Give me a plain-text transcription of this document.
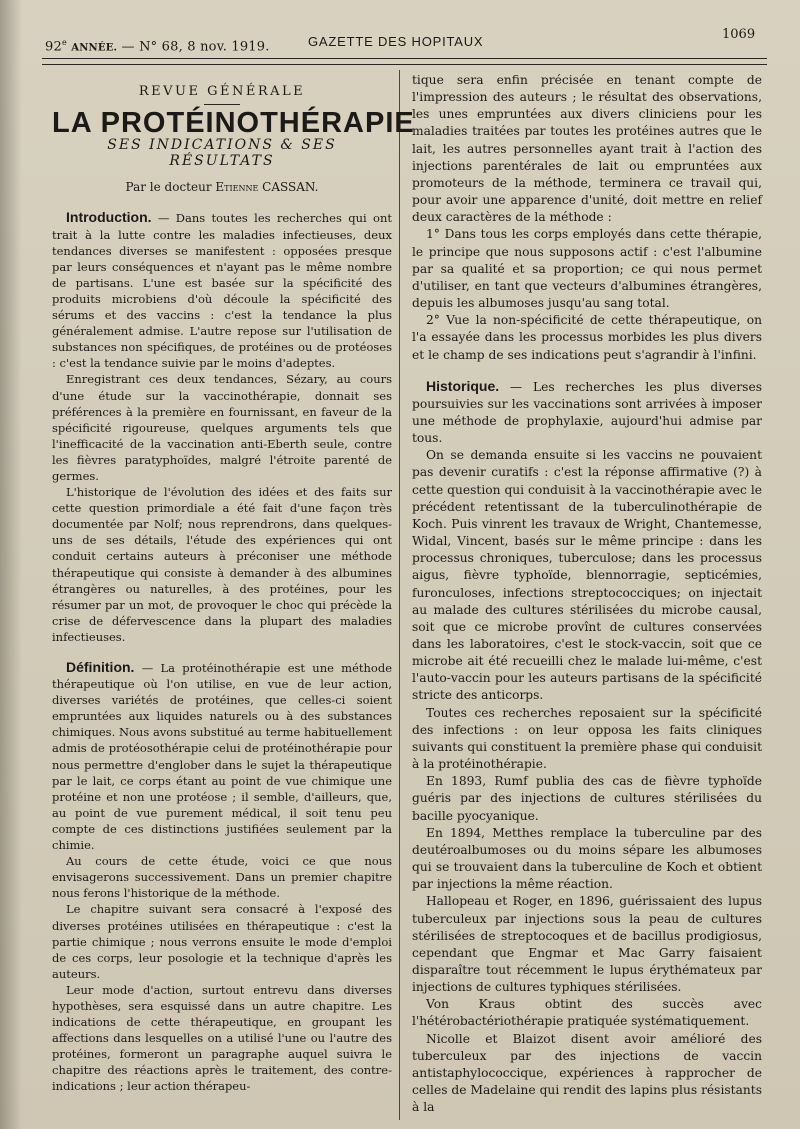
92e ANNÉE. — N° 68, 8 nov. 1919.	GAZETTE DES HOPITAUX	1069
REVUE GÉNÉRALE
LA PROTÉINOTHÉRAPIE
SES INDICATIONS & SES RÉSULTATS
Par le docteur Etienne CASSAN.

Introduction. — Dans toutes les recherches qui ont trait à la lutte contre les maladies infectieuses, deux tendances diverses se manifestent : opposées presque par leurs conséquences et n'ayant pas le même nombre de partisans. L'une est basée sur la spécificité des produits microbiens d'où découle la spécificité des sérums et des vaccins : c'est la tendance la plus généralement admise. L'autre repose sur l'utilisation de substances non spécifiques, de protéines ou de protéoses : c'est la tendance suivie par le moins d'adeptes.

Enregistrant ces deux tendances, Sézary, au cours d'une étude sur la vaccinothérapie, donnait ses préférences à la première en fournissant, en faveur de la spécificité rigoureuse, quelques arguments tels que l'inefficacité de la vaccination anti-Eberth seule, contre les fièvres paratyphoïdes, malgré l'étroite parenté de germes.

L'historique de l'évolution des idées et des faits sur cette question primordiale a été fait d'une façon très documentée par Nolf; nous reprendrons, dans quelques-uns de ses détails, l'étude des expériences qui ont conduit certains auteurs à préconiser une méthode thérapeutique qui consiste à demander à des albumines étrangères ou naturelles, à des protéines, pour les résumer par un mot, de provoquer le choc qui précède la crise de défervescence dans la plupart des maladies infectieuses.

Définition. — La protéinothérapie est une méthode thérapeutique où l'on utilise, en vue de leur action, diverses variétés de protéines, que celles-ci soient empruntées aux liquides naturels ou à des substances chimiques. Nous avons substitué au terme habituellement admis de protéosothérapie celui de protéinothérapie pour nous permettre d'englober dans le sujet la thérapeutique par le lait, ce corps étant au point de vue chimique une protéine et non une protéose ; il semble, d'ailleurs, que, au point de vue purement médical, il soit tenu peu compte de ces distinctions justifiées seulement par la chimie.

Au cours de cette étude, voici ce que nous envisagerons successivement. Dans un premier chapitre nous ferons l'historique de la méthode.

Le chapitre suivant sera consacré à l'exposé des diverses protéines utilisées en thérapeutique : c'est la partie chimique ; nous verrons ensuite le mode d'emploi de ces corps, leur posologie et la technique d'après les auteurs.

Leur mode d'action, surtout entrevu dans diverses hypothèses, sera esquissé dans un autre chapitre. Les indications de cette thérapeutique, en groupant les affections dans lesquelles on a utilisé l'une ou l'autre des protéines, formeront un paragraphe auquel suivra le chapitre des réactions après le traitement, des contre-indications ; leur action thérapeu-

tique sera enfin précisée en tenant compte de l'impression des auteurs ; le résultat des observations, les unes empruntées aux divers cliniciens pour les maladies traitées par toutes les protéines autres que le lait, les autres personnelles ayant trait à l'action des injections parentérales de lait ou empruntées aux promoteurs de la méthode, terminera ce travail qui, pour avoir une apparence d'unité, doit mettre en relief deux caractères de la méthode :

1° Dans tous les corps employés dans cette thérapie, le principe que nous supposons actif : c'est l'albumine par sa qualité et sa proportion; ce qui nous permet d'utiliser, en tant que vecteurs d'albumines étrangères, depuis les albumoses jusqu'au sang total.

2° Vue la non-spécificité de cette thérapeutique, on l'a essayée dans les processus morbides les plus divers et le champ de ses indications peut s'agrandir à l'infini.

Historique. — Les recherches les plus diverses poursuivies sur les vaccinations sont arrivées à imposer une méthode de prophylaxie, aujourd'hui admise par tous.

On se demanda ensuite si les vaccins ne pouvaient pas devenir curatifs : c'est la réponse affirmative (?) à cette question qui conduisit à la vaccinothérapie avec le précédent retentissant de la tuberculinothérapie de Koch. Puis vinrent les travaux de Wright, Chantemesse, Widal, Vincent, basés sur le même principe : dans les processus chroniques, tuberculose; dans les processus aigus, fièvre typhoïde, blennorragie, septicémies, furonculoses, infections streptococciques; on injectait au malade des cultures stérilisées du microbe causal, soit que ce microbe provînt de cultures conservées dans les laboratoires, c'est le stock-vaccin, soit que ce microbe ait été recueilli chez le malade lui-même, c'est l'auto-vaccin pour les auteurs partisans de la spécificité stricte des anticorps.

Toutes ces recherches reposaient sur la spécificité des infections : on leur opposa les faits cliniques suivants qui constituent la première phase qui conduisit à la protéinothérapie.

En 1893, Rumf publia des cas de fièvre typhoïde guéris par des injections de cultures stérilisées du bacille pyocyanique.

En 1894, Metthes remplace la tuberculine par des deutéroalbumoses ou du moins sépare les albumoses qui se trouvaient dans la tuberculine de Koch et obtient par injections la même réaction.

Hallopeau et Roger, en 1896, guérissaient des lupus tuberculeux par injections sous la peau de cultures stérilisées de streptocoques et de bacillus prodigiosus, cependant que Engmar et Mac Garry faisaient disparaître tout récemment le lupus érythémateux par injections de cultures typhiques stérilisées.

Von Kraus obtint des succès avec l'hétérobactériothérapie pratiquée systématiquement.

Nicolle et Blaizot disent avoir amélioré des tuberculeux par des injections de vaccin antistaphylococcique, expériences à rapprocher de celles de Madelaine qui rendit des lapins plus résistants à la
